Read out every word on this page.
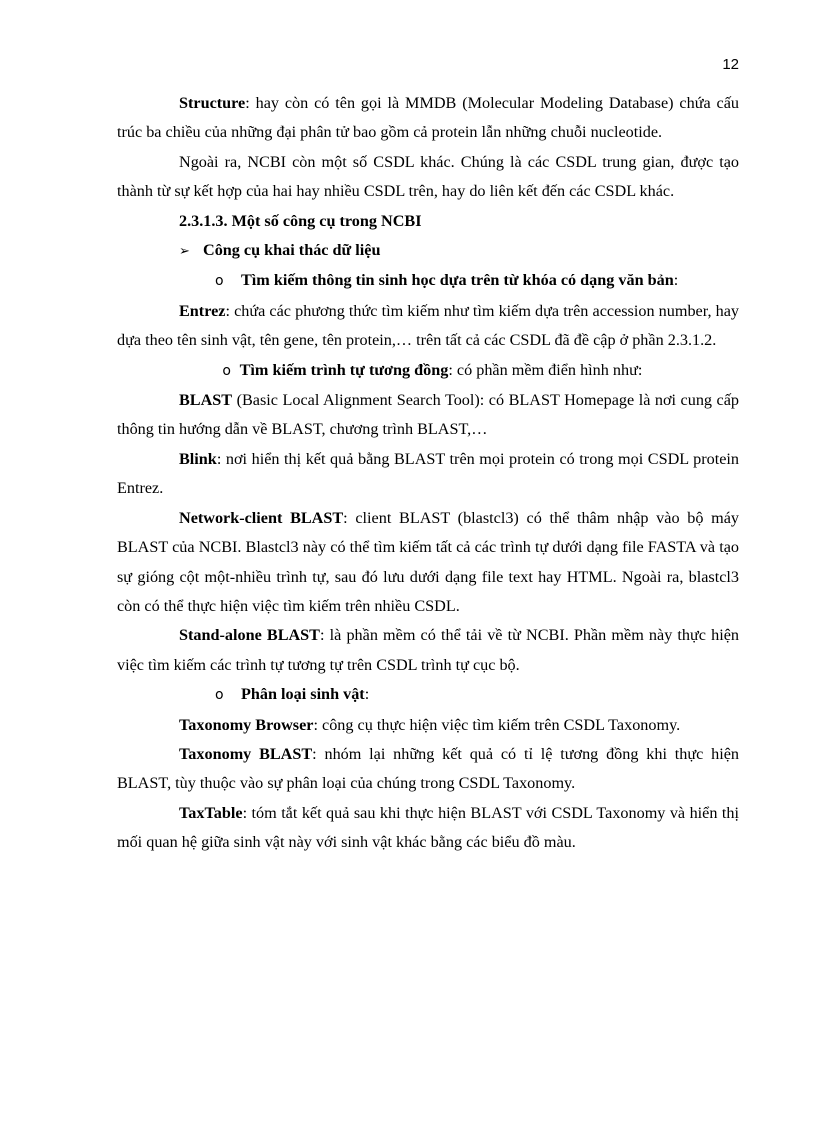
12

Structure: hay còn có tên gọi là MMDB (Molecular Modeling Database) chứa cấu trúc ba chiều của những đại phân tử bao gồm cả protein lẫn những chuỗi nucleotide.

Ngoài ra, NCBI còn một số CSDL khác. Chúng là các CSDL trung gian, được tạo thành từ sự kết hợp của hai hay nhiều CSDL trên, hay do liên kết đến các CSDL khác.

2.3.1.3. Một số công cụ trong NCBI

➢ Công cụ khai thác dữ liệu

o Tìm kiếm thông tin sinh học dựa trên từ khóa có dạng văn bản:

Entrez: chứa các phương thức tìm kiếm như tìm kiếm dựa trên accession number, hay dựa theo tên sinh vật, tên gene, tên protein,… trên tất cả các CSDL đã đề cập ở phần 2.3.1.2.

o Tìm kiếm trình tự tương đồng: có phần mềm điển hình như:

BLAST (Basic Local Alignment Search Tool): có BLAST Homepage là nơi cung cấp thông tin hướng dẫn về BLAST, chương trình BLAST,…

Blink: nơi hiển thị kết quả bằng BLAST trên mọi protein có trong mọi CSDL protein Entrez.

Network-client BLAST: client BLAST (blastcl3) có thể thâm nhập vào bộ máy BLAST của NCBI. Blastcl3 này có thể tìm kiếm tất cả các trình tự dưới dạng file FASTA và tạo sự gióng cột một-nhiều trình tự, sau đó lưu dưới dạng file text hay HTML. Ngoài ra, blastcl3 còn có thể thực hiện việc tìm kiếm trên nhiều CSDL.

Stand-alone BLAST: là phần mềm có thể tải về từ NCBI. Phần mềm này thực hiện việc tìm kiếm các trình tự tương tự trên CSDL trình tự cục bộ.

o Phân loại sinh vật:

Taxonomy Browser: công cụ thực hiện việc tìm kiếm trên CSDL Taxonomy.

Taxonomy BLAST: nhóm lại những kết quả có tỉ lệ tương đồng khi thực hiện BLAST, tùy thuộc vào sự phân loại của chúng trong CSDL Taxonomy.

TaxTable: tóm tắt kết quả sau khi thực hiện BLAST với CSDL Taxonomy và hiển thị mối quan hệ giữa sinh vật này với sinh vật khác bằng các biểu đồ màu.
